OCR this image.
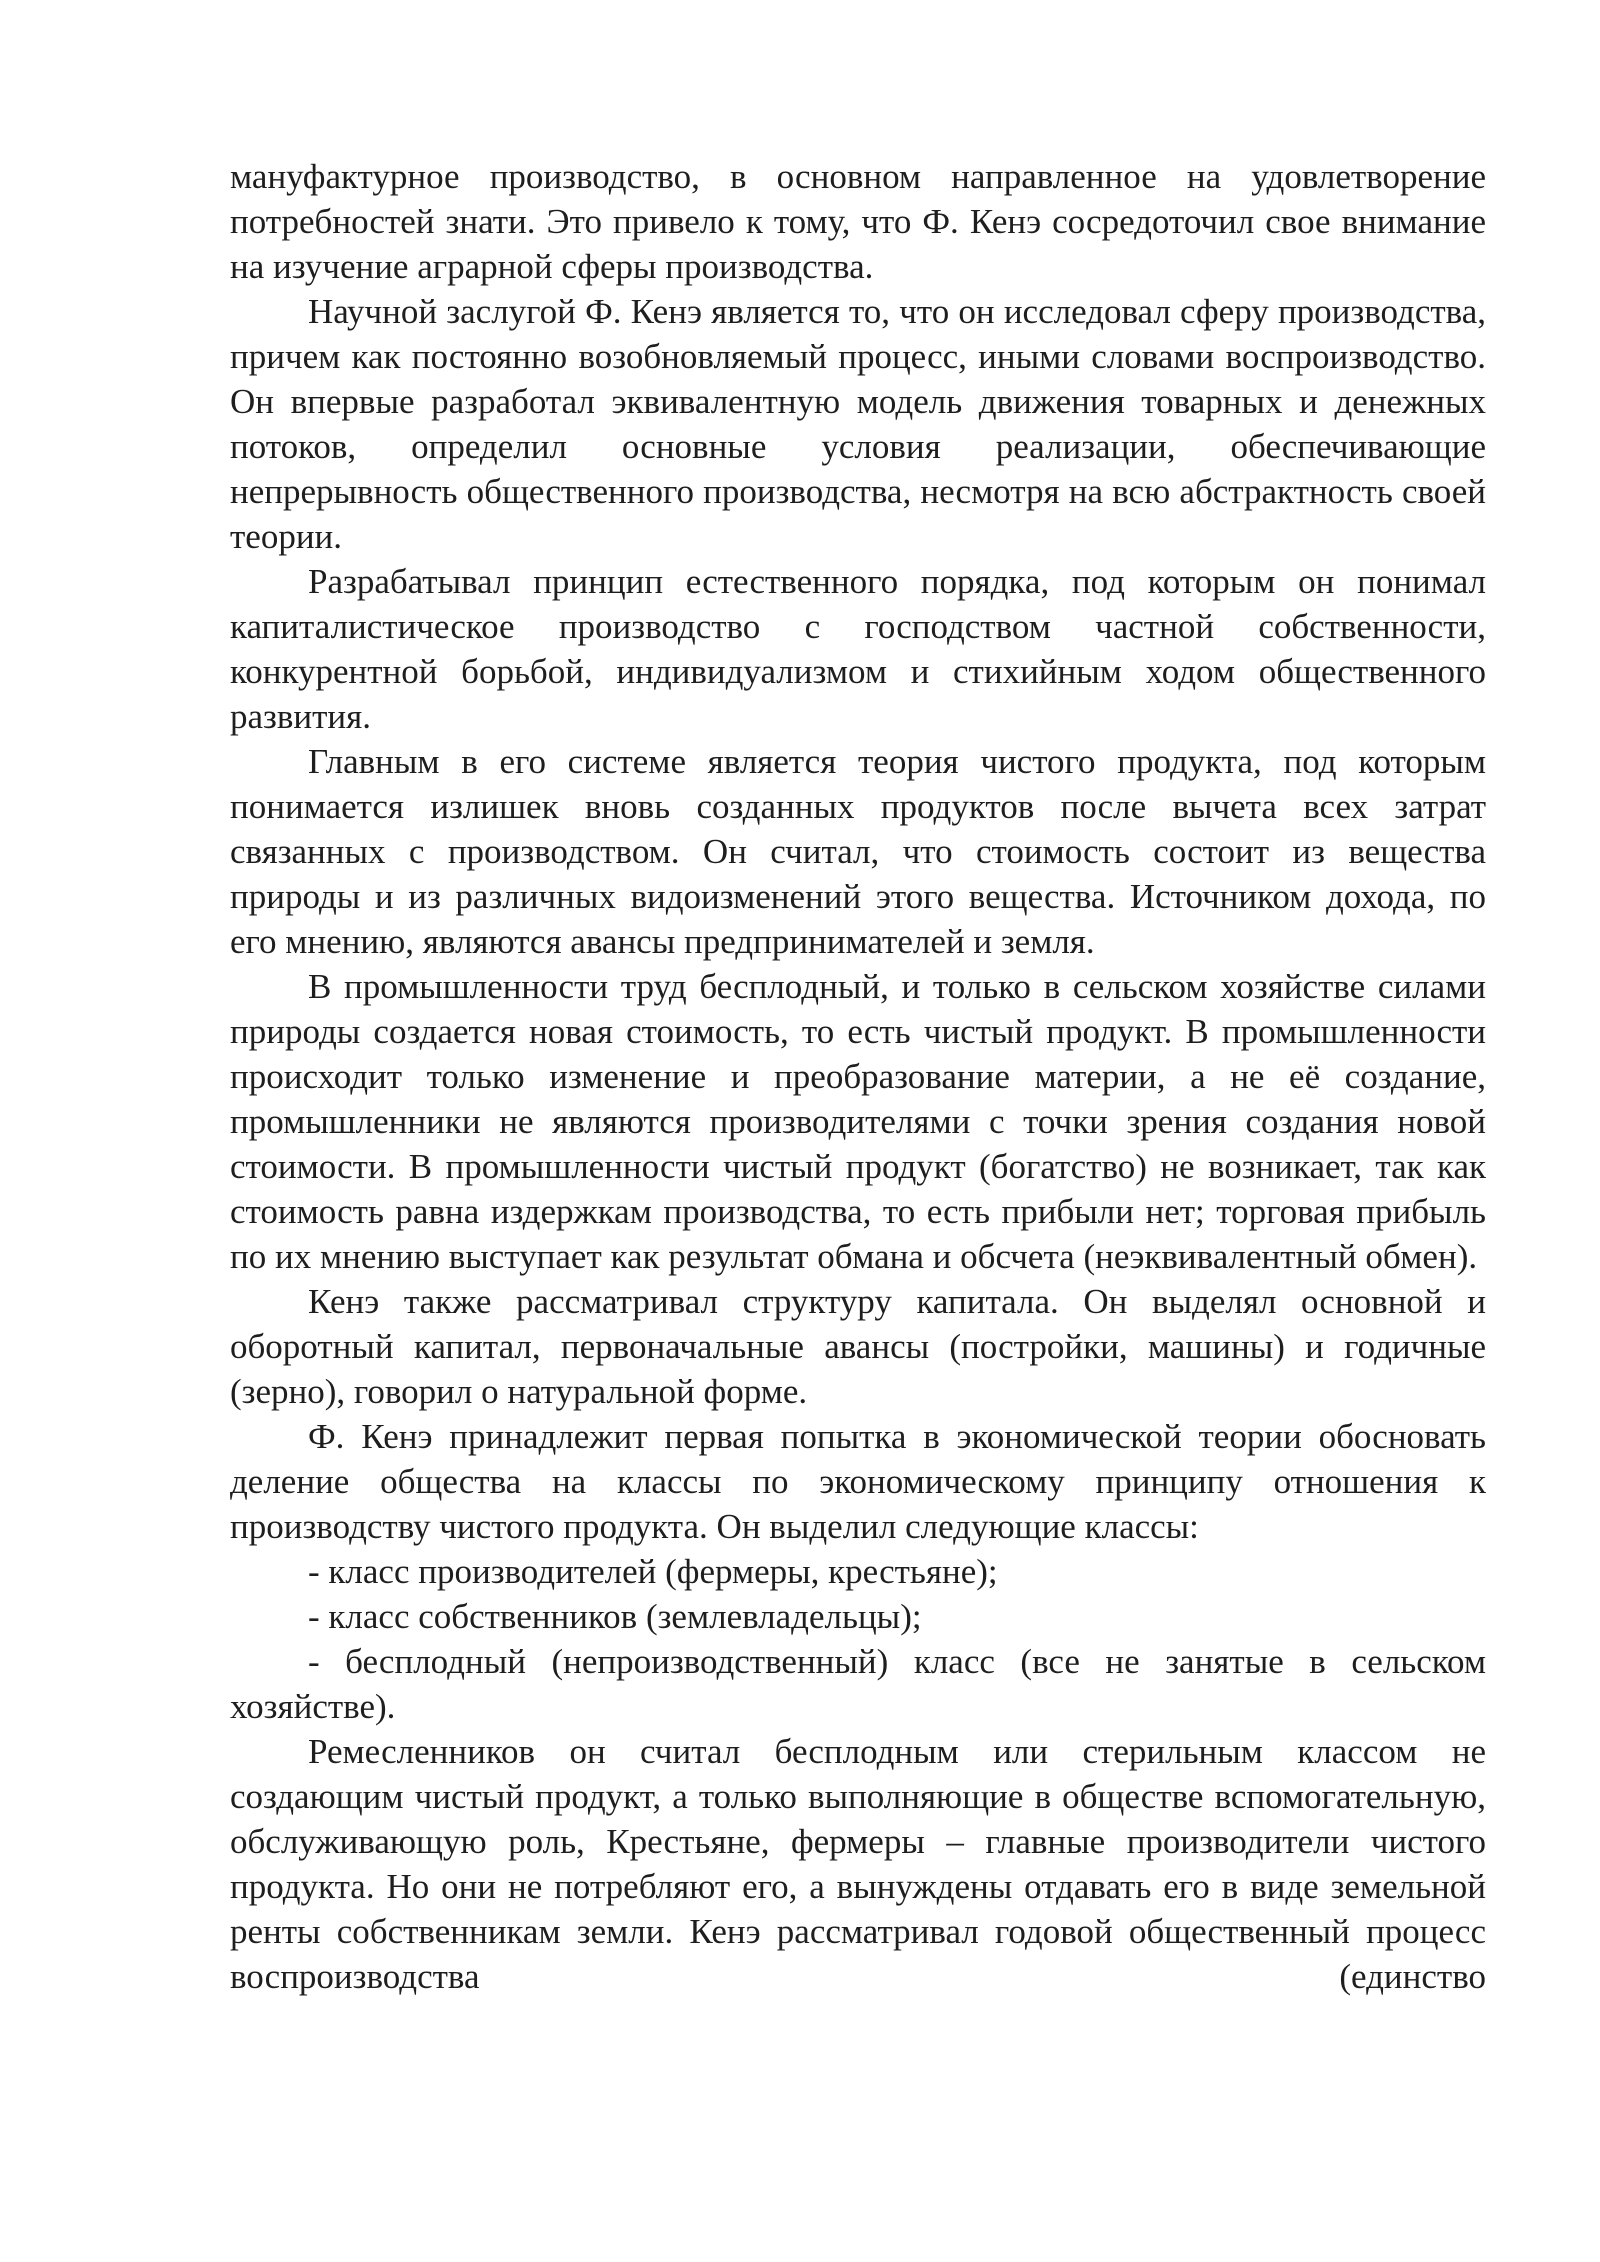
мануфактурное производство, в основном направленное на удовлетворение потребностей знати. Это привело к тому, что Ф. Кенэ сосредоточил свое внимание на изучение аграрной сферы производства.

Научной заслугой Ф. Кенэ является то, что он исследовал сферу производства, причем как постоянно возобновляемый процесс, иными словами воспроизводство. Он впервые разработал эквивалентную модель движения товарных и денежных потоков, определил основные условия реализации, обеспечивающие непрерывность общественного производства, несмотря на всю абстрактность своей теории.

Разрабатывал принцип естественного порядка, под которым он понимал капиталистическое производство с господством частной собственности, конкурентной борьбой, индивидуализмом и стихийным ходом общественного развития.

Главным в его системе является теория чистого продукта, под которым понимается излишек вновь созданных продуктов после вычета всех затрат связанных с производством. Он считал, что стоимость состоит из вещества природы и из различных видоизменений этого вещества. Источником дохода, по его мнению, являются авансы предпринимателей и земля.

В промышленности труд бесплодный, и только в сельском хозяйстве силами природы создается новая стоимость, то есть чистый продукт. В промышленности происходит только изменение и преобразование материи, а не её создание, промышленники не являются производителями с точки зрения создания новой стоимости. В промышленности чистый продукт (богатство) не возникает, так как стоимость равна издержкам производства, то есть прибыли нет; торговая прибыль по их мнению выступает как результат обмана и обсчета (неэквивалентный обмен).

Кенэ также рассматривал структуру капитала. Он выделял основной и оборотный капитал, первоначальные авансы (постройки, машины) и годичные (зерно), говорил о натуральной форме.

Ф. Кенэ принадлежит первая попытка в экономической теории обосновать деление общества на классы по экономическому принципу отношения к производству чистого продукта. Он выделил следующие классы:

- класс производителей (фермеры, крестьяне);

- класс собственников (землевладельцы);

- бесплодный (непроизводственный) класс (все не занятые в сельском хозяйстве).

Ремесленников он считал бесплодным или стерильным классом не создающим чистый продукт, а только выполняющие в обществе вспомогательную, обслуживающую роль, Крестьяне, фермеры – главные производители чистого продукта. Но они не потребляют его, а вынуждены отдавать его в виде земельной ренты собственникам земли. Кенэ рассматривал годовой общественный процесс воспроизводства (единство
